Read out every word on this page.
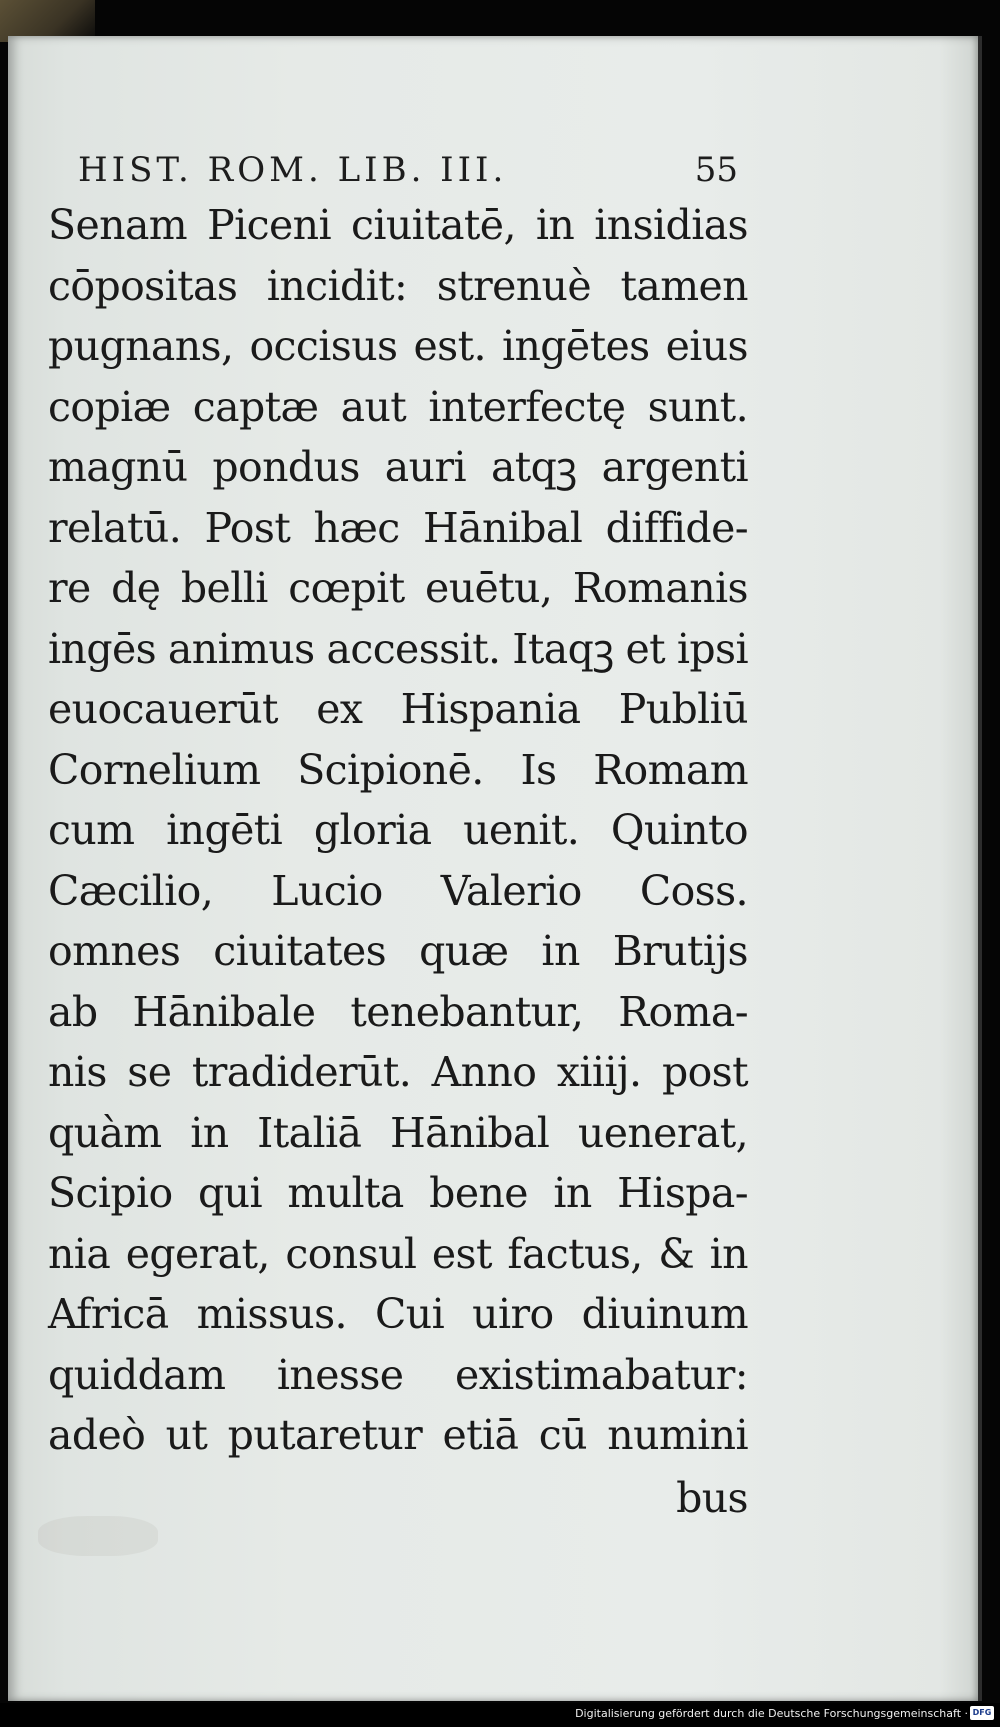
HIST. ROM. LIB. III.	55
Senam Piceni ciuitatē, in insidias
cōpositas incidit: strenuè tamen
pugnans, occisus est. ingētes eius
copiæ captæ aut interfectę sunt.
magnū pondus auri atqꝫ argenti
relatū. Post hæc Hānibal diffide-
re dę belli cœpit euētu, Romanis
ingēs animus accessit. Itaqꝫ et ipsi
euocauerūt ex Hispania Publiū
Cornelium Scipionē. Is Romam
cum ingēti gloria uenit. Quinto
Cæcilio, Lucio Valerio Coss.
omnes ciuitates quæ in Brutijs
ab Hānibale tenebantur, Roma-
nis se tradiderūt. Anno xiiij. post
quàm in Italiā Hānibal uenerat,
Scipio qui multa bene in Hispa-
nia egerat, consul est factus, & in
Africā missus. Cui uiro diuinum
quiddam inesse existimabatur:
adeò ut putaretur etiā cū numini
bus
Digitalisierung gefördert durch die Deutsche Forschungsgemeinschaft · DFG
